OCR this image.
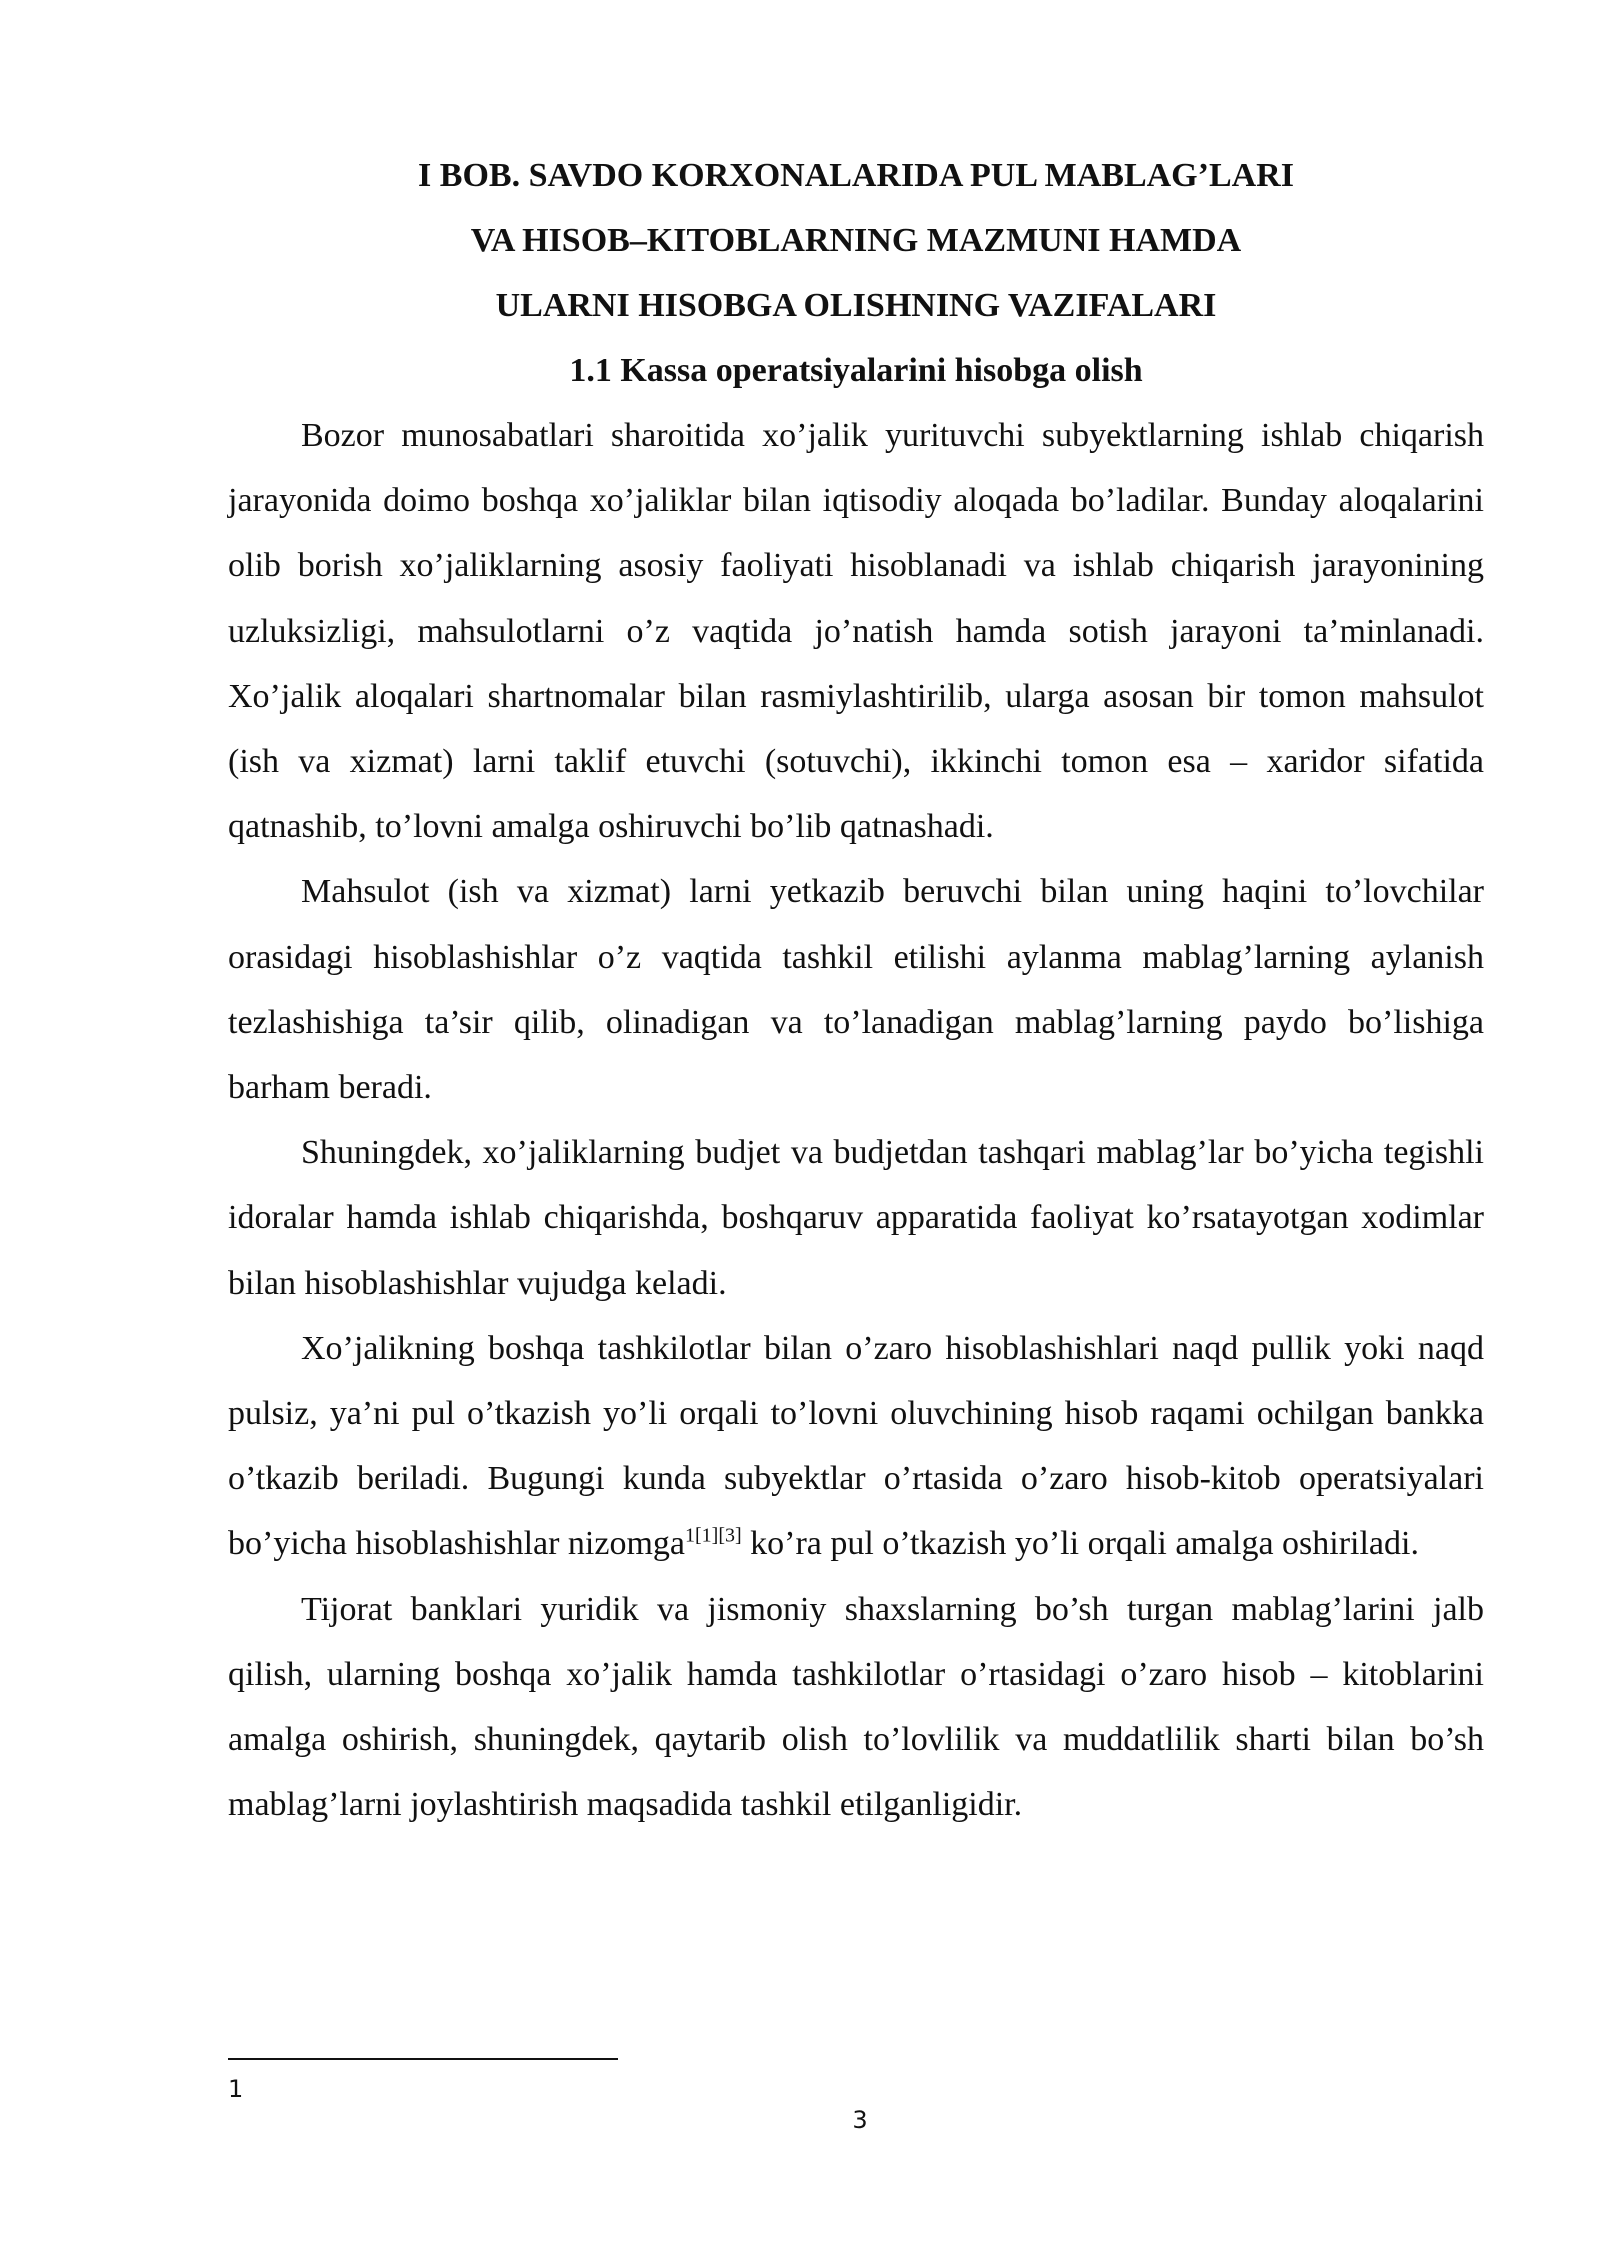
I BOB. SAVDO KORXONALARIDA PUL MABLAG’LARI
VA HISOB–KITOBLARNING MAZMUNI HAMDA
ULARNI HISOBGA OLISHNING VAZIFALARI
1.1 Kassa operatsiyalarini hisobga olish

Bozor munosabatlari sharoitida xo’jalik yurituvchi subyektlarning ishlab chiqarish jarayonida doimo boshqa xo’jaliklar bilan iqtisodiy aloqada bo’ladilar. Bunday aloqalarini olib borish xo’jaliklarning asosiy faoliyati hisoblanadi va ishlab chiqarish jarayonining uzluksizligi, mahsulotlarni o’z vaqtida jo’natish hamda sotish jarayoni ta’minlanadi. Xo’jalik aloqalari shartnomalar bilan rasmiylashtirilib, ularga asosan bir tomon mahsulot (ish va xizmat) larni taklif etuvchi (sotuvchi), ikkinchi tomon esa – xaridor sifatida qatnashib, to’lovni amalga oshiruvchi bo’lib qatnashadi.

Mahsulot (ish va xizmat) larni yetkazib beruvchi bilan uning haqini to’lovchilar orasidagi hisoblashishlar o’z vaqtida tashkil etilishi aylanma mablag’larning aylanish tezlashishiga ta’sir qilib, olinadigan va to’lanadigan mablag’larning paydo bo’lishiga barham beradi.

Shuningdek, xo’jaliklarning budjet va budjetdan tashqari mablag’lar bo’yicha tegishli idoralar hamda ishlab chiqarishda, boshqaruv apparatida faoliyat ko’rsatayotgan xodimlar bilan hisoblashishlar vujudga keladi.

Xo’jalikning boshqa tashkilotlar bilan o’zaro hisoblashishlari naqd pullik yoki naqd pulsiz, ya’ni pul o’tkazish yo’li orqali to’lovni oluvchining hisob raqami ochilgan bankka o’tkazib beriladi. Bugungi kunda subyektlar o’rtasida o’zaro hisob-kitob operatsiyalari bo’yicha hisoblashishlar nizomga$^{1[1][3]}$ ko’ra pul o’tkazish yo’li orqali amalga oshiriladi.

Tijorat banklari yuridik va jismoniy shaxslarning bo’sh turgan mablag’larini jalb qilish, ularning boshqa xo’jalik hamda tashkilotlar o’rtasidagi o’zaro hisob – kitoblarini amalga oshirish, shuningdek, qaytarib olish to’lovlilik va muddatlilik sharti bilan bo’sh mablag’larni joylashtirish maqsadida tashkil etilganligidir.

1
3
